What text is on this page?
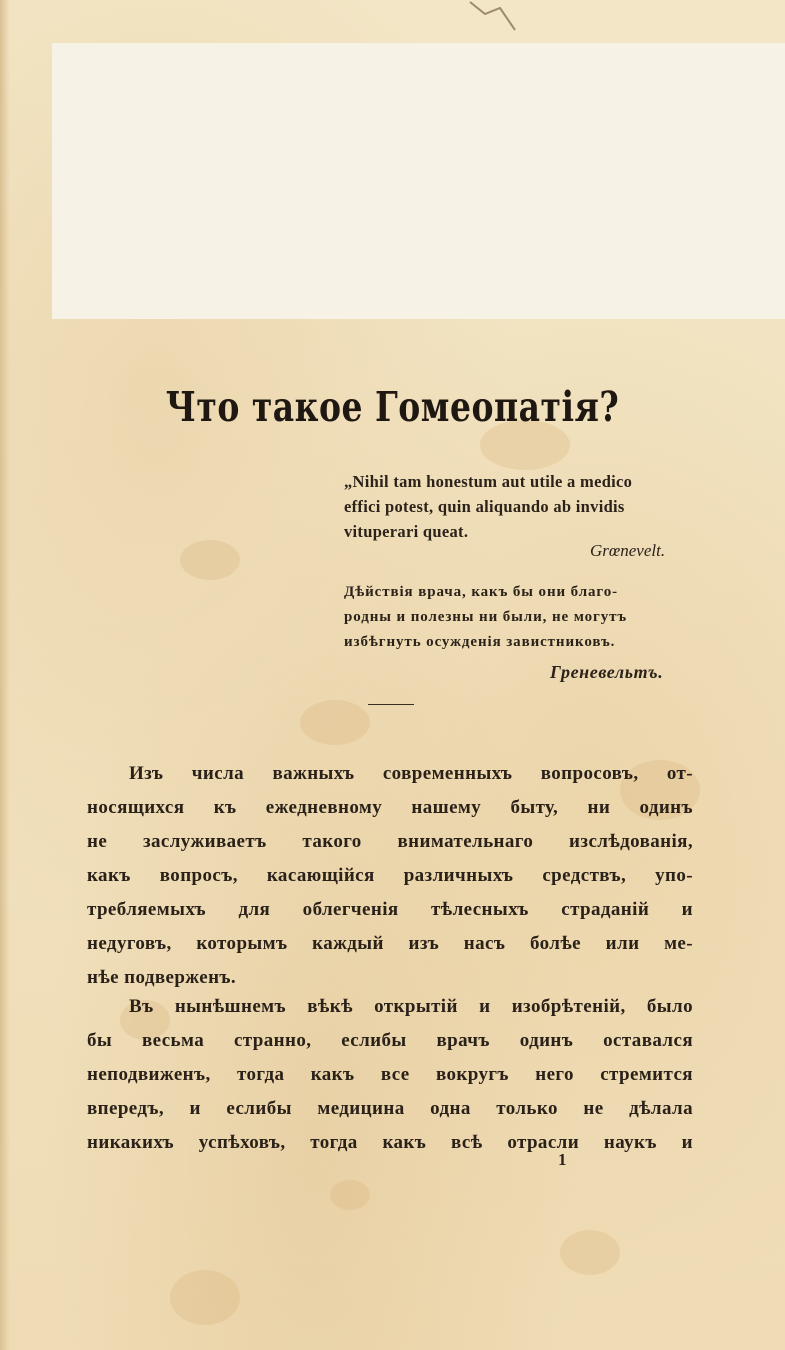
Что такое Гомеопатія?
„Nihil tam honestum aut utile a medico
effici potest, quin aliquando ab invidis
vituperari queat.
Grœnevelt.
Дѣйствія врача, какъ бы они благо-
родны и полезны ни были, не могутъ
избѣгнуть осужденія завистниковъ.
Греневельтъ.
Изъ числа важныхъ современныхъ вопросовъ, от-
носящихся къ ежедневному нашему быту, ни одинъ
не заслуживаетъ такого внимательнаго изслѣдованія,
какъ вопросъ, касающійся различныхъ средствъ, упо-
требляемыхъ для облегченія тѣлесныхъ страданій и
недуговъ, которымъ каждый изъ насъ болѣе или ме-
нѣе подверженъ.
Въ нынѣшнемъ вѣкѣ открытій и изобрѣтеній, было
бы весьма странно, еслибы врачъ одинъ оставался
неподвиженъ, тогда какъ все вокругъ него стремится
впередъ, и еслибы медицина одна только не дѣлала
никакихъ успѣховъ, тогда какъ всѣ отрасли наукъ и
1
